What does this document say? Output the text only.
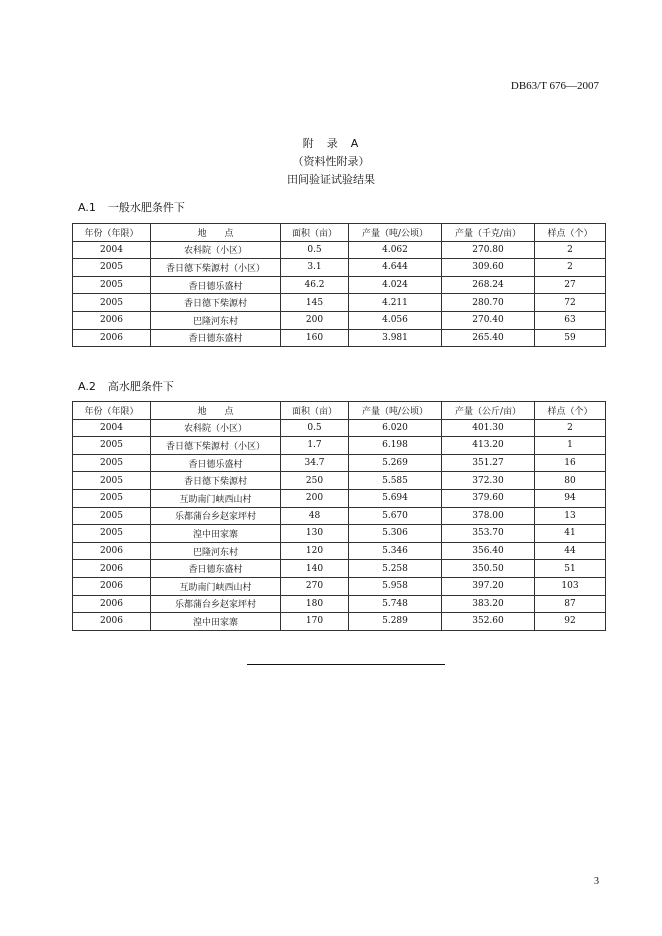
DB63/T 676—2007
附　录　A
（资料性附录）
田间验证试验结果
A.1 一般水肥条件下
年份（年限）	地　　点	面积（亩）	产量（吨/公顷）	产量（千克/亩）	样点（个）
2004	农科院（小区）	0.5	4.062	270.80	2
2005	香日德下柴源村（小区）	3.1	4.644	309.60	2
2005	香日德乐盛村	46.2	4.024	268.24	27
2005	香日德下柴源村	145	4.211	280.70	72
2006	巴隆河东村	200	4.056	270.40	63
2006	香日德东盛村	160	3.981	265.40	59
A.2 高水肥条件下
年份（年限）	地　　点	面积（亩）	产量（吨/公顷）	产量（公斤/亩）	样点（个）
2004	农科院（小区）	0.5	6.020	401.30	2
2005	香日德下柴源村（小区）	1.7	6.198	413.20	1
2005	香日德乐盛村	34.7	5.269	351.27	16
2005	香日德下柴源村	250	5.585	372.30	80
2005	互助南门峡西山村	200	5.694	379.60	94
2005	乐都蒲台乡赵家坪村	48	5.670	378.00	13
2005	湟中田家寨	130	5.306	353.70	41
2006	巴隆河东村	120	5.346	356.40	44
2006	香日德东盛村	140	5.258	350.50	51
2006	互助南门峡西山村	270	5.958	397.20	103
2006	乐都蒲台乡赵家坪村	180	5.748	383.20	87
2006	湟中田家寨	170	5.289	352.60	92
3
